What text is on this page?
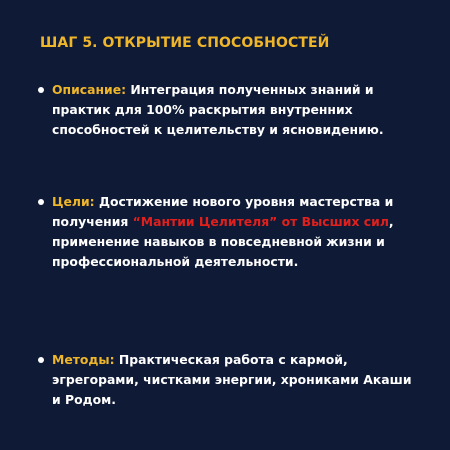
ШАГ 5. ОТКРЫТИЕ СПОСОБНОСТЕЙ
Описание: Интеграция полученных знаний и практик для 100% раскрытия внутренних способностей к целительству и ясновидению.
Цели: Достижение нового уровня мастерства и получения “Мантии Целителя” от Высших сил, применение навыков в повседневной жизни и профессиональной деятельности.
Методы: Практическая работа с кармой, эгрегорами, чистками энергии, хрониками Акаши и Родом.
